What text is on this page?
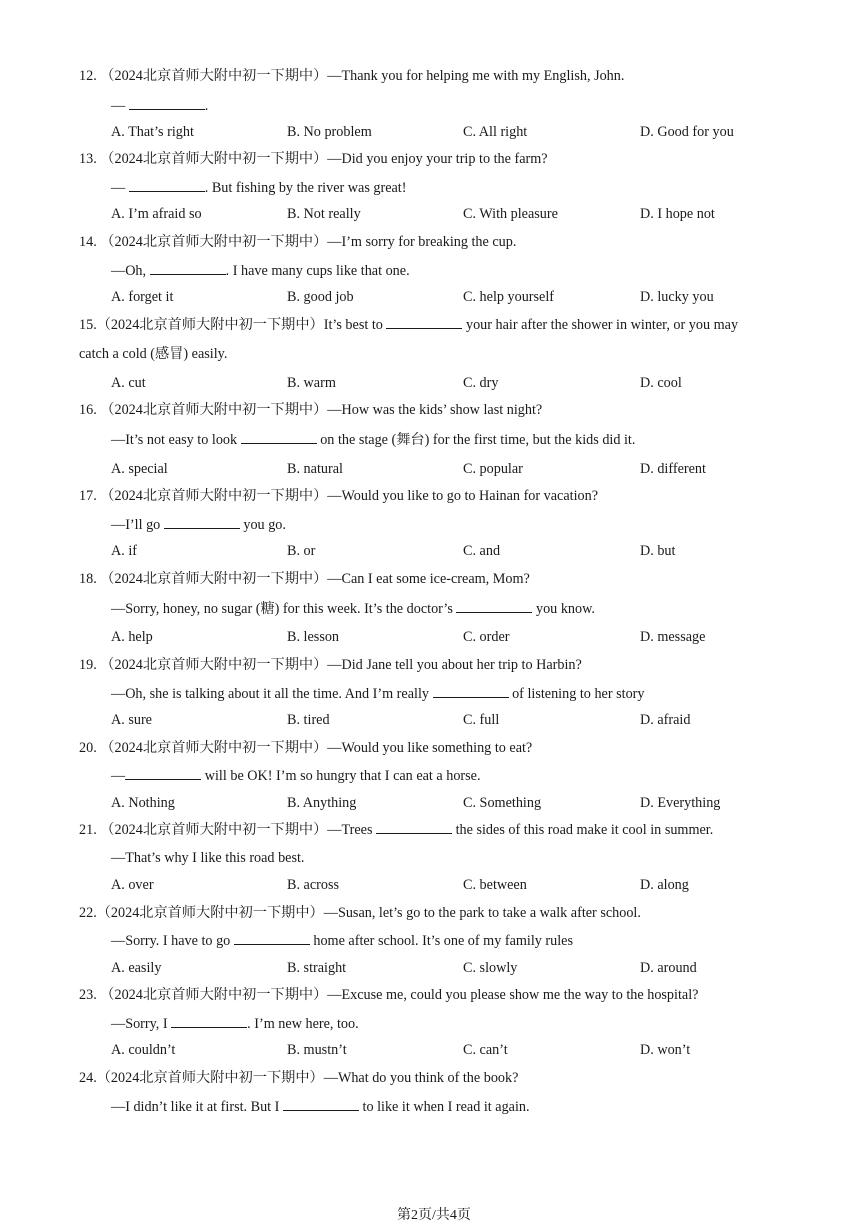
12. （2024北京首师大附中初一下期中）—Thank you for helping me with my English, John.
—	.
A. That’s right	B. No problem	C. All right	D. Good for you
13. （2024北京首师大附中初一下期中）—Did you enjoy your trip to the farm?
—	. But fishing by the river was great!
A. I’m afraid so	B. Not really	C. With pleasure	D. I hope not
14. （2024北京首师大附中初一下期中）—I’m sorry for breaking the cup.
—Oh,	. I have many cups like that one.
A. forget it	B. good job	C. help yourself	D. lucky you
15.（2024北京首师大附中初一下期中）It’s best to	your hair after the shower in winter, or you may
catch a cold (感冒) easily.
A. cut	B. warm	C. dry	D. cool
16. （2024北京首师大附中初一下期中）—How was the kids’ show last night?
—It’s not easy to look	on the stage (舞台) for the first time, but the kids did it.
A. special	B. natural	C. popular	D. different
17. （2024北京首师大附中初一下期中）—Would you like to go to Hainan for vacation?
—I’ll go	you go.
A. if	B. or	C. and	D. but
18. （2024北京首师大附中初一下期中）—Can I eat some ice-cream, Mom?
—Sorry, honey, no sugar (糖) for this week. It’s the doctor’s	you know.
A. help	B. lesson	C. order	D. message
19. （2024北京首师大附中初一下期中）—Did Jane tell you about her trip to Harbin?
—Oh, she is talking about it all the time. And I’m really	of listening to her story
A. sure	B. tired	C. full	D. afraid
20. （2024北京首师大附中初一下期中）—Would you like something to eat?
—	will be OK! I’m so hungry that I can eat a horse.
A. Nothing	B. Anything	C. Something	D. Everything
21. （2024北京首师大附中初一下期中）—Trees	the sides of this road make it cool in summer.
—That’s why I like this road best.
A. over	B. across	C. between	D. along
22.（2024北京首师大附中初一下期中）—Susan, let’s go to the park to take a walk after school.
—Sorry. I have to go	home after school. It’s one of my family rules
A. easily	B. straight	C. slowly	D. around
23. （2024北京首师大附中初一下期中）—Excuse me, could you please show me the way to the hospital?
—Sorry, I	. I’m new here, too.
A. couldn’t	B. mustn’t	C. can’t	D. won’t
24.（2024北京首师大附中初一下期中）—What do you think of the book?
—I didn’t like it at first. But I	to like it when I read it again.
第2页/共4页
